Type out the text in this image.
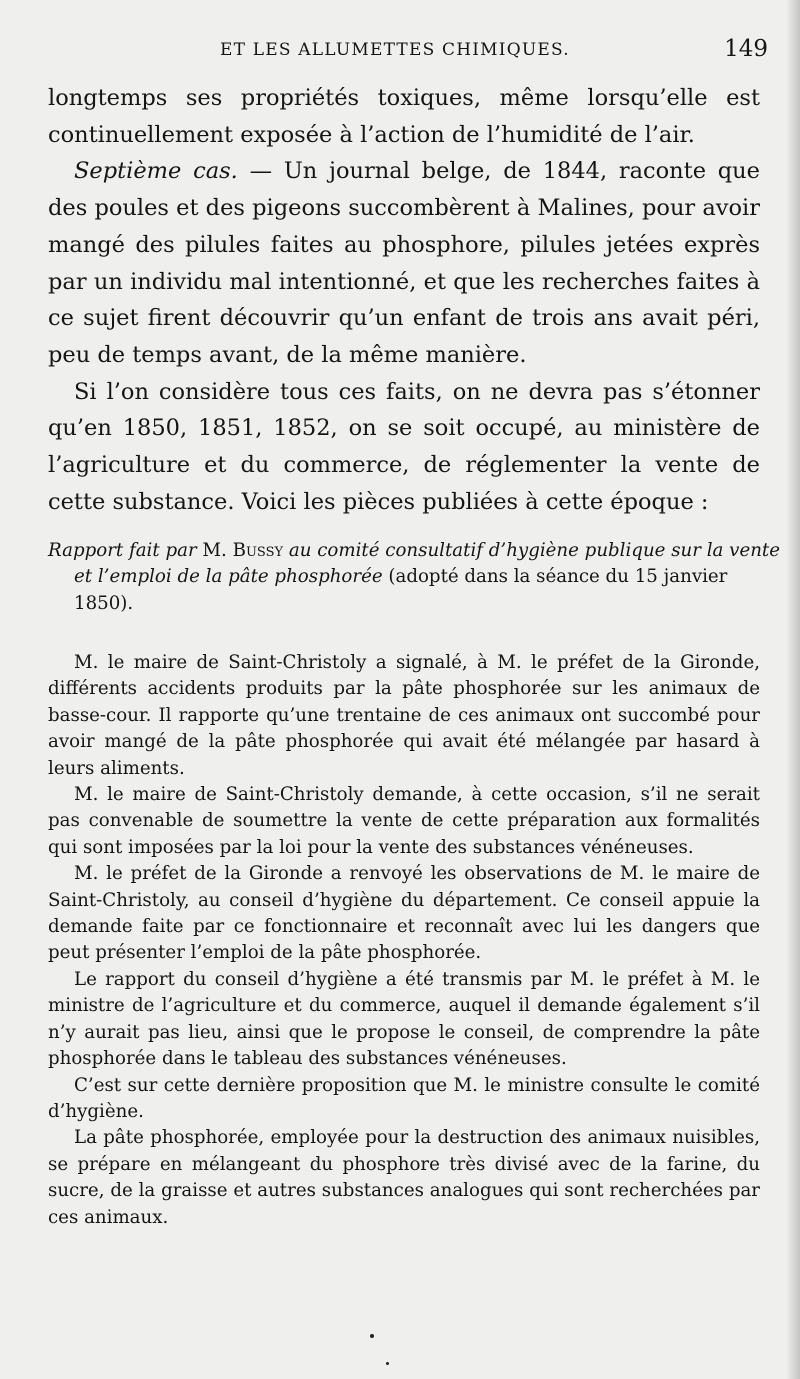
ET LES ALLUMETTES CHIMIQUES.	149

longtemps ses propriétés toxiques, même lorsqu’elle est continuellement exposée à l’action de l’humidité de l’air.

Septième cas. — Un journal belge, de 1844, raconte que des poules et des pigeons succombèrent à Malines, pour avoir mangé des pilules faites au phosphore, pilules jetées exprès par un individu mal intentionné, et que les recherches faites à ce sujet firent découvrir qu’un enfant de trois ans avait péri, peu de temps avant, de la même manière.

Si l’on considère tous ces faits, on ne devra pas s’étonner qu’en 1850, 1851, 1852, on se soit occupé, au ministère de l’agriculture et du commerce, de réglementer la vente de cette substance. Voici les pièces publiées à cette époque :

Rapport fait par M. Bussy au comité consultatif d’hygiène publique sur la vente et l’emploi de la pâte phosphorée (adopté dans la séance du 15 janvier 1850).

M. le maire de Saint-Christoly a signalé, à M. le préfet de la Gironde, différents accidents produits par la pâte phosphorée sur les animaux de basse-cour. Il rapporte qu’une trentaine de ces animaux ont succombé pour avoir mangé de la pâte phosphorée qui avait été mélangée par hasard à leurs aliments.

M. le maire de Saint-Christoly demande, à cette occasion, s’il ne serait pas convenable de soumettre la vente de cette préparation aux formalités qui sont imposées par la loi pour la vente des substances vénéneuses.

M. le préfet de la Gironde a renvoyé les observations de M. le maire de Saint-Christoly, au conseil d’hygiène du département. Ce conseil appuie la demande faite par ce fonctionnaire et reconnaît avec lui les dangers que peut présenter l’emploi de la pâte phosphorée.

Le rapport du conseil d’hygiène a été transmis par M. le préfet à M. le ministre de l’agriculture et du commerce, auquel il demande également s’il n’y aurait pas lieu, ainsi que le propose le conseil, de comprendre la pâte phosphorée dans le tableau des substances vénéneuses.

C’est sur cette dernière proposition que M. le ministre consulte le comité d’hygiène.

La pâte phosphorée, employée pour la destruction des animaux nuisibles, se prépare en mélangeant du phosphore très divisé avec de la farine, du sucre, de la graisse et autres substances analogues qui sont recherchées par ces animaux.
